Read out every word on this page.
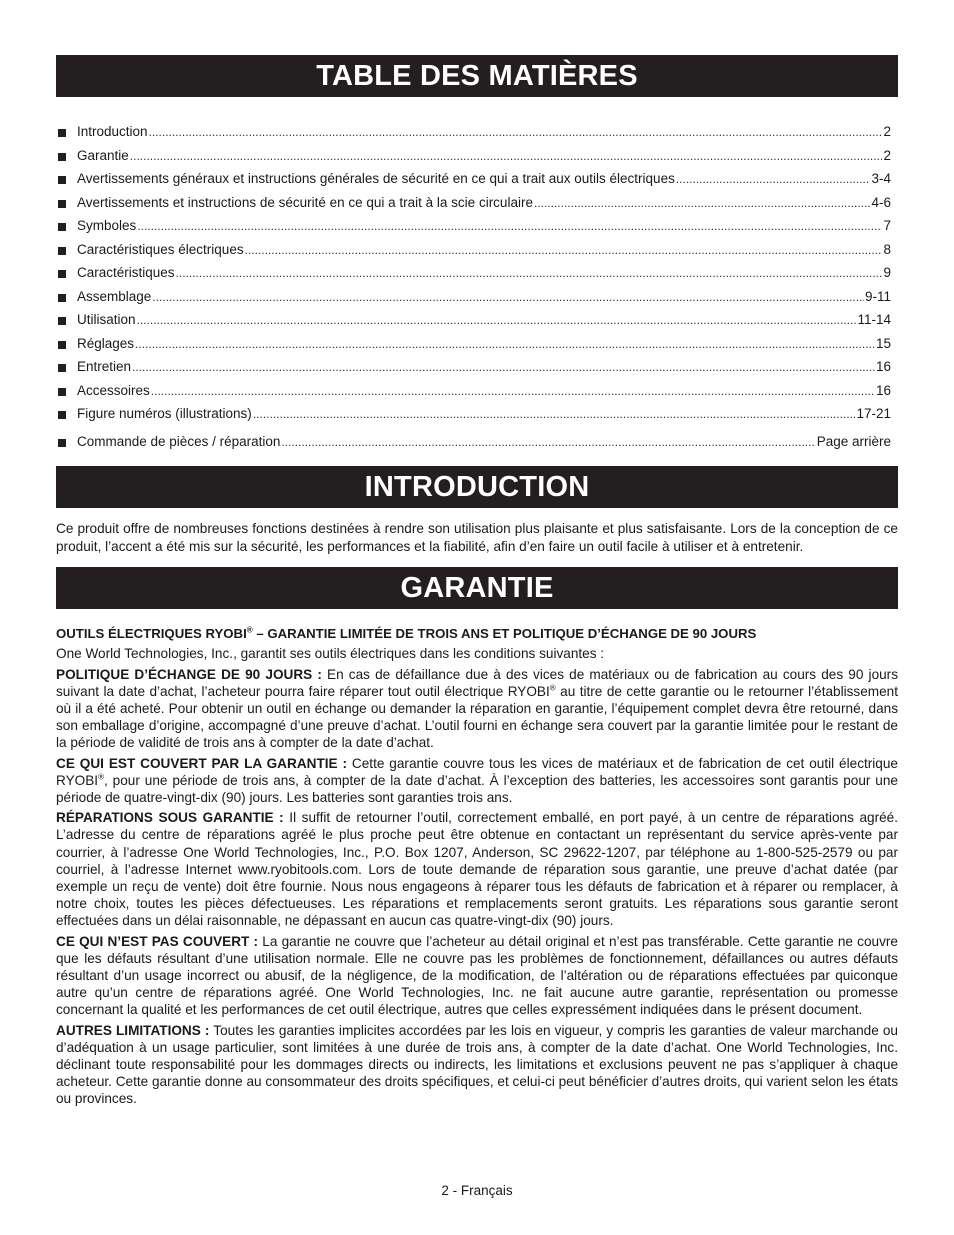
TABLE DES MATIÈRES
Introduction .....	2
Garantie .....	2
Avertissements généraux et instructions générales de sécurité en ce qui a trait aux outils électriques .....	3-4
Avertissements et instructions de sécurité en ce qui a trait à la scie circulaire .....	4-6
Symboles .....	7
Caractéristiques électriques .....	8
Caractéristiques .....	9
Assemblage .....	9-11
Utilisation .....	11-14
Réglages .....	15
Entretien .....	16
Accessoires .....	16
Figure numéros (illustrations) .....	17-21
Commande de pièces / réparation .....	Page arrière
INTRODUCTION

Ce produit offre de nombreuses fonctions destinées à rendre son utilisation plus plaisante et plus satisfaisante. Lors de la conception de ce produit, l’accent a été mis sur la sécurité, les performances et la fiabilité, afin d’en faire un outil facile à utiliser et à entretenir.

GARANTIE

OUTILS ÉLECTRIQUES RYOBI® – GARANTIE LIMITÉE DE TROIS ANS ET POLITIQUE D’ÉCHANGE DE 90 JOURS

One World Technologies, Inc., garantit ses outils électriques dans les conditions suivantes :

POLITIQUE D’ÉCHANGE DE 90 JOURS : En cas de défaillance due à des vices de matériaux ou de fabrication au cours des 90 jours suivant la date d’achat, l’acheteur pourra faire réparer tout outil électrique RYOBI® au titre de cette garantie ou le retourner l’établissement où il a été acheté. Pour obtenir un outil en échange ou demander la réparation en garantie, l’équipement complet devra être retourné, dans son emballage d’origine, accompagné d’une preuve d’achat. L’outil fourni en échange sera couvert par la garantie limitée pour le restant de la période de validité de trois ans à compter de la date d’achat.

CE QUI EST COUVERT PAR LA GARANTIE : Cette garantie couvre tous les vices de matériaux et de fabrication de cet outil électrique RYOBI®, pour une période de trois ans, à compter de la date d’achat. À l’exception des batteries, les accessoires sont garantis pour une période de quatre-vingt-dix (90) jours. Les batteries sont garanties trois ans.

RÉPARATIONS SOUS GARANTIE : Il suffit de retourner l’outil, correctement emballé, en port payé, à un centre de réparations agréé. L’adresse du centre de réparations agréé le plus proche peut être obtenue en contactant un représentant du service après-vente par courrier, à l’adresse One World Technologies, Inc., P.O. Box 1207, Anderson, SC 29622-1207, par téléphone au 1-800-525-2579 ou par courriel, à l’adresse Internet www.ryobitools.com. Lors de toute demande de réparation sous garantie, une preuve d’achat datée (par exemple un reçu de vente) doit être fournie. Nous nous engageons à réparer tous les défauts de fabrication et à réparer ou remplacer, à notre choix, toutes les pièces défectueuses. Les réparations et remplacements seront gratuits. Les réparations sous garantie seront effectuées dans un délai raisonnable, ne dépassant en aucun cas quatre-vingt-dix (90) jours.

CE QUI N’EST PAS COUVERT : La garantie ne couvre que l’acheteur au détail original et n’est pas transférable. Cette garantie ne couvre que les défauts résultant d’une utilisation normale. Elle ne couvre pas les problèmes de fonctionnement, défaillances ou autres défauts résultant d’un usage incorrect ou abusif, de la négligence, de la modification, de l’altération ou de réparations effectuées par quiconque autre qu’un centre de réparations agréé. One World Technologies, Inc. ne fait aucune autre garantie, représentation ou promesse concernant la qualité et les performances de cet outil électrique, autres que celles expressément indiquées dans le présent document.

AUTRES LIMITATIONS : Toutes les garanties implicites accordées par les lois en vigueur, y compris les garanties de valeur marchande ou d’adéquation à un usage particulier, sont limitées à une durée de trois ans, à compter de la date d’achat. One World Technologies, Inc. déclinant toute responsabilité pour les dommages directs ou indirects, les limitations et exclusions peuvent ne pas s’appliquer à chaque acheteur. Cette garantie donne au consommateur des droits spécifiques, et celui-ci peut bénéficier d’autres droits, qui varient selon les états ou provinces.

2 - Français
